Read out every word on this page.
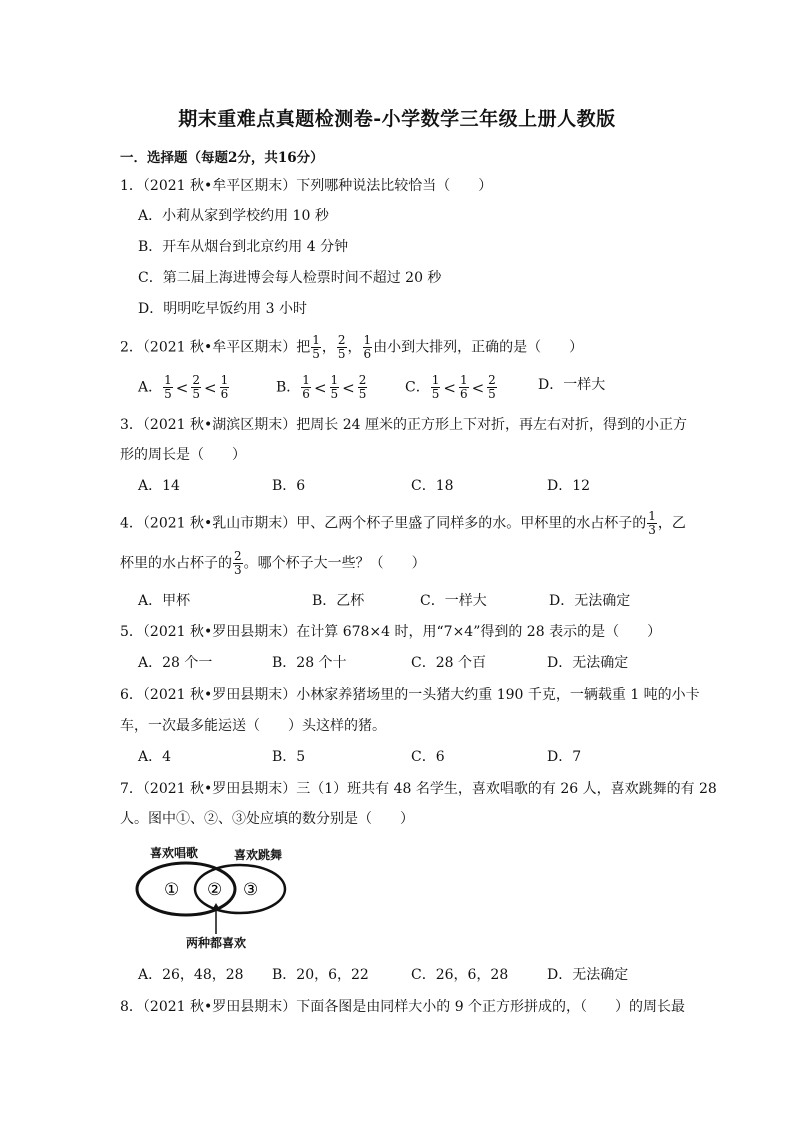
期末重难点真题检测卷-小学数学三年级上册人教版
一．选择题（每题2分，共16分）
1．（2021 秋•牟平区期末）下列哪种说法比较恰当（　　）
A．小莉从家到学校约用 10 秒
B．开车从烟台到北京约用 4 分钟
C．第二届上海进博会每人检票时间不超过 20 秒
D．明明吃早饭约用 3 小时
2．（2021 秋•牟平区期末）把 $\frac{1}{5}$ ， $\frac{2}{5}$ ， $\frac{1}{6}$ 由小到大排列，正确的是（　　）
A． $\frac{1}{5} < \frac{2}{5} < \frac{1}{6}$	B． $\frac{1}{6} < \frac{1}{5} < \frac{2}{5}$	C． $\frac{1}{5} < \frac{1}{6} < \frac{2}{5}$	D．一样大
3．（2021 秋•湖滨区期末）把周长 24 厘米的正方形上下对折，再左右对折，得到的小正方
形的周长是（　　）
A．14	B．6	C．18	D．12
4．（2021 秋•乳山市期末）甲、乙两个杯子里盛了同样多的水。甲杯里的水占杯子的 $\frac{1}{3}$ ，乙
杯里的水占杯子的 $\frac{2}{3}$ 。哪个杯子大一些？（　　）
A．甲杯	B．乙杯	C．一样大	D．无法确定
5．（2021 秋•罗田县期末）在计算 678×4 时，用“7×4”得到的 28 表示的是（　　）
A．28 个一	B．28 个十	C．28 个百	D．无法确定
6．（2021 秋•罗田县期末）小林家养猪场里的一头猪大约重 190 千克，一辆载重 1 吨的小卡
车，一次最多能运送（　　）头这样的猪。
A．4	B．5	C．6	D．7
7．（2021 秋•罗田县期末）三（1）班共有 48 名学生，喜欢唱歌的有 26 人，喜欢跳舞的有 28
人。图中①、②、③处应填的数分别是（　　）
喜欢唱歌	喜欢跳舞
① ② ③
两种都喜欢
A．26，48，28 B．20，6，22	C．26，6，28	D．无法确定
8．（2021 秋•罗田县期末）下面各图是由同样大小的 9 个正方形拼成的，（　　）的周长最
